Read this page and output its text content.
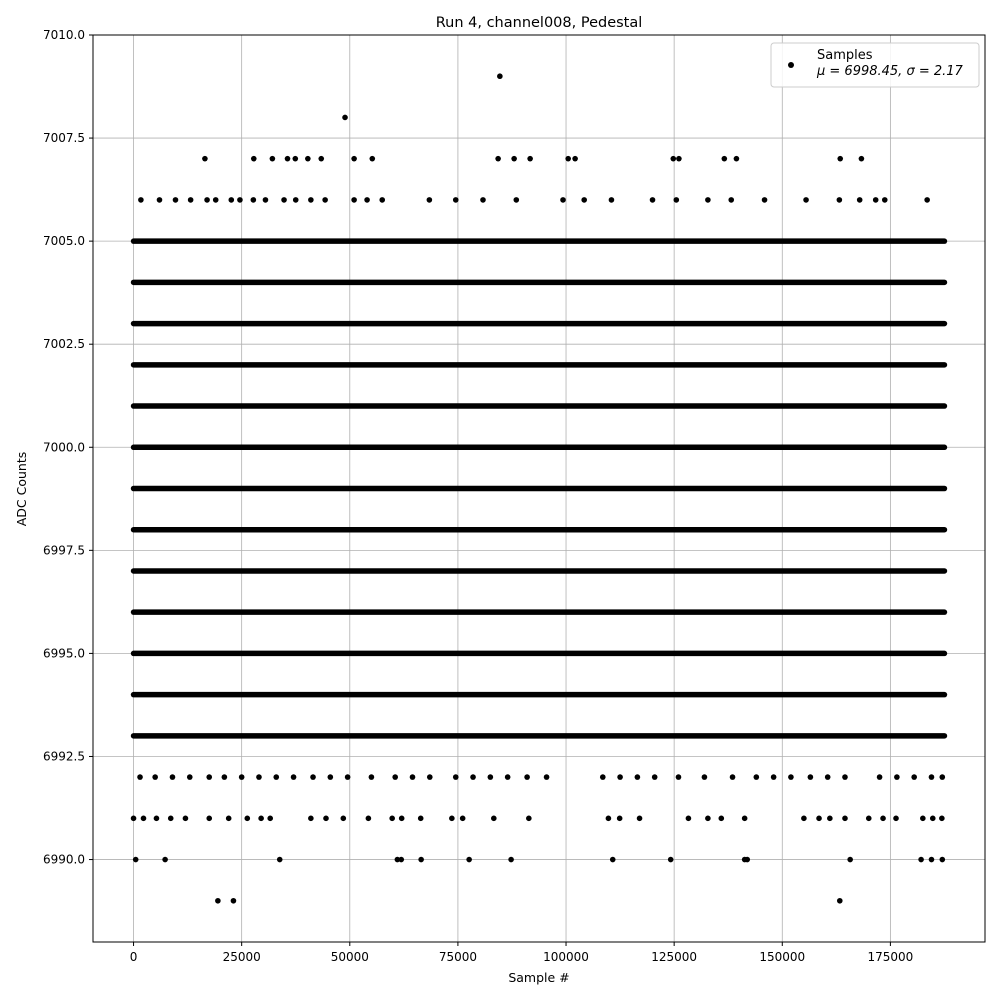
Run 4, channel008, Pedestal
0	25000	50000	75000	100000	125000	150000	175000
6990.0
6992.5
6995.0
6997.5
7000.0
7002.5
7005.0
7007.5
7010.0
Sample #
ADC Counts
Samples
μ = 6998.45, σ = 2.17
